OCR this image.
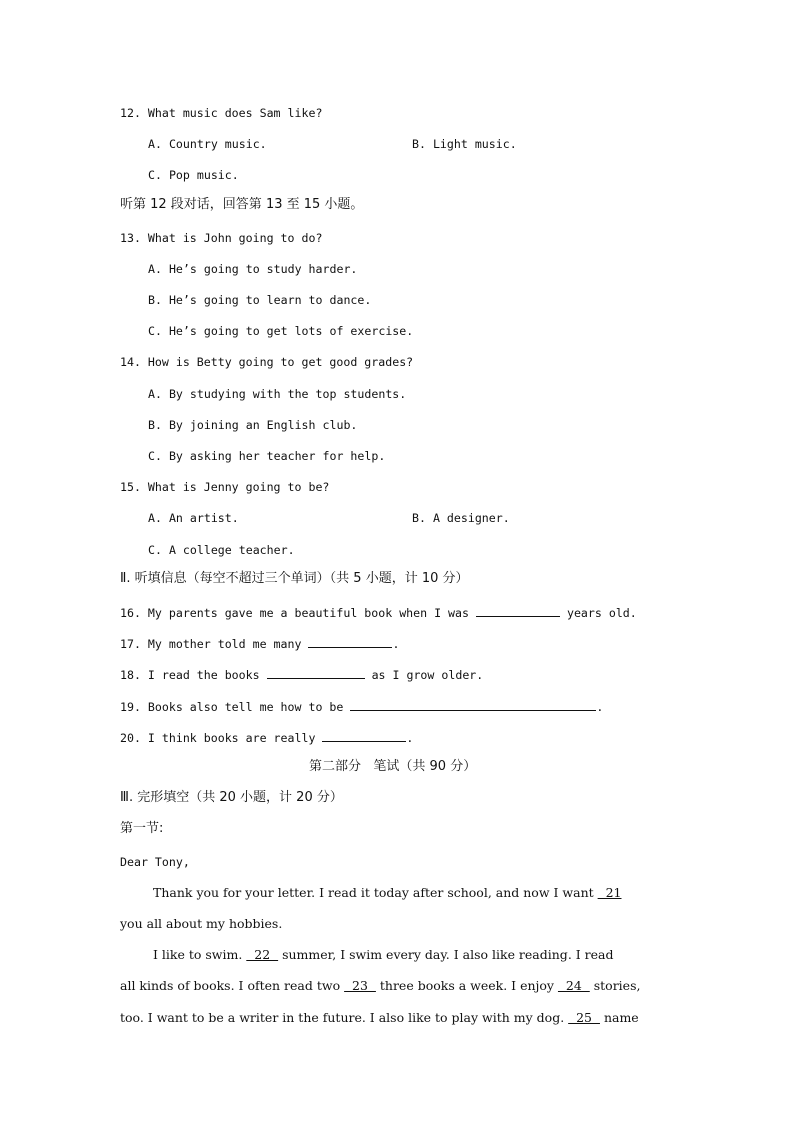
12. What music does Sam like?
A. Country music.	B. Light music.
C. Pop music.
听第 12 段对话，回答第 13 至 15 小题。
13. What is John going to do?
A. He’s going to study harder.
B. He’s going to learn to dance.
C. He’s going to get lots of exercise.
14. How is Betty going to get good grades?
A. By studying with the top students.
B. By joining an English club.
C. By asking her teacher for help.
15. What is Jenny going to be?
A. An artist.	B. A designer.
C. A college teacher.
Ⅱ. 听填信息（每空不超过三个单词）（共 5 小题，计 10 分）
16. My parents gave me a beautiful book when I was	years old.
17. My mother told me many	.
18. I read the books	as I grow older.
19. Books also tell me how to be	.
20. I think books are really	.
第二部分   笔试（共 90 分）
Ⅲ. 完形填空（共 20 小题，计 20 分）
第一节:
Dear Tony,
Thank you for your letter. I read it today after school, and now I want   21
you all about my hobbies.
I like to swim.   22   summer, I swim every day. I also like reading. I read
all kinds of books. I often read two   23   three books a week. I enjoy   24   stories,
too. I want to be a writer in the future. I also like to play with my dog.   25   name
